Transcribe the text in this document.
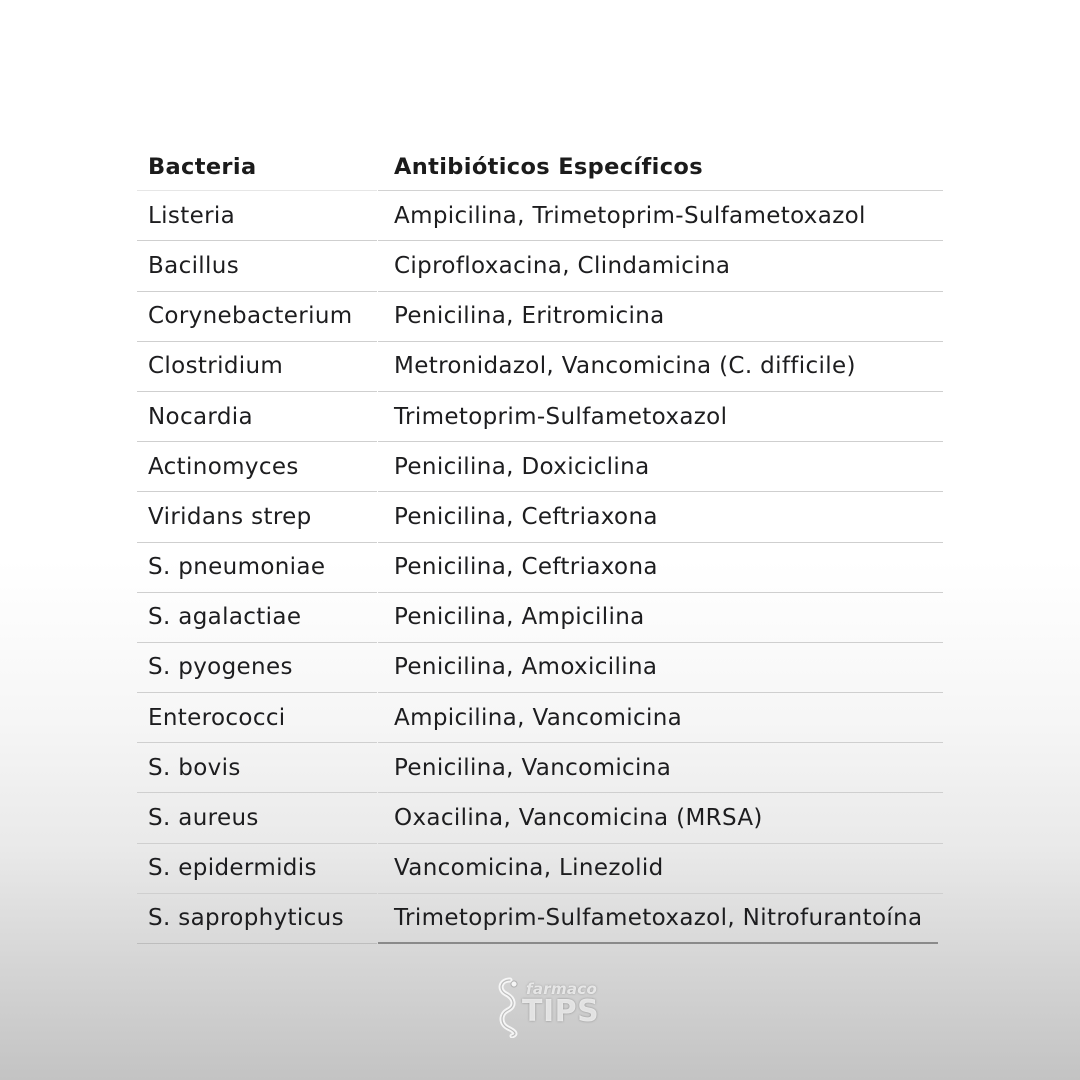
Bacteria	Antibióticos Específicos
Listeria	Ampicilina, Trimetoprim-Sulfametoxazol
Bacillus	Ciprofloxacina, Clindamicina
Corynebacterium	Penicilina, Eritromicina
Clostridium	Metronidazol, Vancomicina (C. difficile)
Nocardia	Trimetoprim-Sulfametoxazol
Actinomyces	Penicilina, Doxiciclina
Viridans strep	Penicilina, Ceftriaxona
S. pneumoniae	Penicilina, Ceftriaxona
S. agalactiae	Penicilina, Ampicilina
S. pyogenes	Penicilina, Amoxicilina
Enterococci	Ampicilina, Vancomicina
S. bovis	Penicilina, Vancomicina
S. aureus	Oxacilina, Vancomicina (MRSA)
S. epidermidis	Vancomicina, Linezolid
S. saprophyticus	Trimetoprim-Sulfametoxazol, Nitrofurantoína
farmaco
TIPS
